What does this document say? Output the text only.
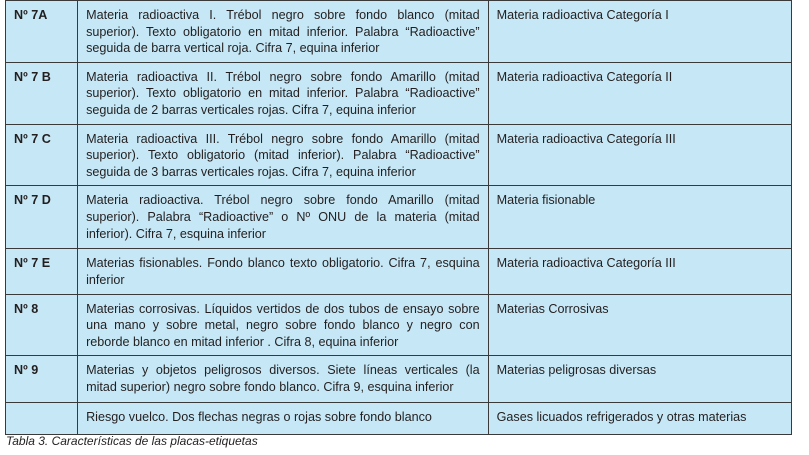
Nº 7A	Materia radioactiva I. Trébol negro sobre fondo blanco (mitad superior). Texto obligatorio en mitad inferior. Palabra “Radioactive” seguida de barra vertical roja. Cifra 7, equina inferior	Materia radioactiva Categoría I
Nº 7 B	Materia radioactiva II. Trébol negro sobre fondo Amarillo (mitad superior). Texto obligatorio en mitad inferior. Palabra “Radioactive” seguida de 2 barras verticales rojas. Cifra 7, equina inferior	Materia radioactiva Categoría II
Nº 7 C	Materia radioactiva III. Trébol negro sobre fondo Amarillo (mitad superior). Texto obligatorio (mitad inferior). Palabra “Radioactive” seguida de 3 barras verticales rojas. Cifra 7, equina inferior	Materia radioactiva Categoría III
Nº 7 D	Materia radioactiva. Trébol negro sobre fondo Amarillo (mitad superior). Palabra “Radioactive” o Nº ONU de la materia (mitad inferior). Cifra 7, esquina inferior	Materia fisionable
Nº 7 E	Materias fisionables. Fondo blanco texto obligatorio. Cifra 7, esquina inferior	Materia radioactiva Categoría III
Nº 8	Materias corrosivas. Líquidos vertidos de dos tubos de ensayo sobre una mano y sobre metal, negro sobre fondo blanco y negro con reborde blanco en mitad inferior . Cifra 8, equina inferior	Materias Corrosivas
Nº 9	Materias y objetos peligrosos diversos. Siete líneas verticales (la mitad superior) negro sobre fondo blanco. Cifra 9, esquina inferior	Materias peligrosas diversas
	Riesgo vuelco. Dos flechas negras o rojas sobre fondo blanco	Gases licuados refrigerados y otras materias
Tabla 3. Características de las placas-etiquetas
